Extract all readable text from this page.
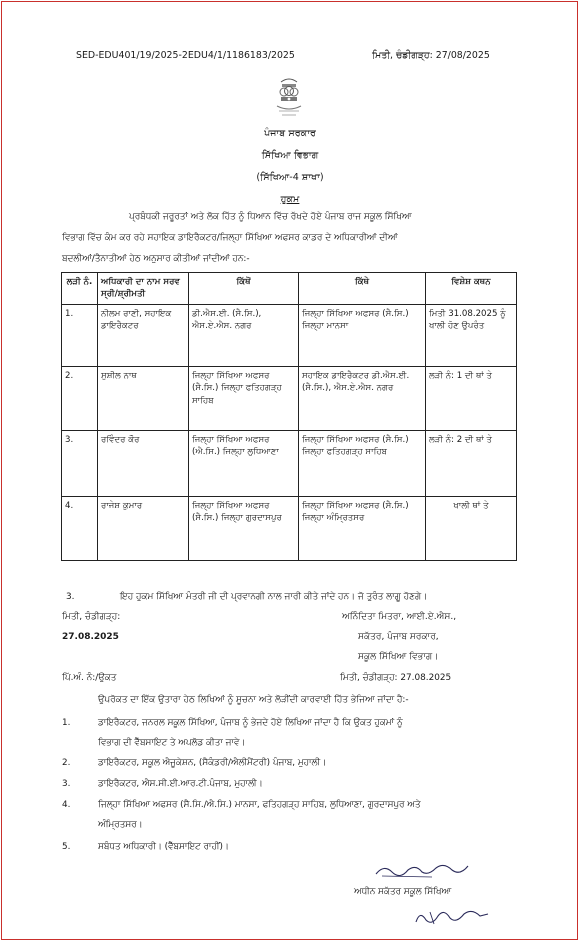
SED-EDU401/19/2025-2EDU4/1/1186183/2025	ਮਿਤੀ, ਚੰਡੀਗੜ੍ਹ: 27/08/2025
ਪੰਜਾਬ ਸਰਕਾਰ
ਸਿੱਖਿਆ ਵਿਭਾਗ
(ਸਿੱਖਿਆ-4 ਸ਼ਾਖਾ)
ਹੁਕਮ
ਪ੍ਰਬੰਧਕੀ ਜਰੂਰਤਾਂ ਅਤੇ ਲੋਕ ਹਿੱਤ ਨੂੰ ਧਿਆਨ ਵਿੱਚ ਰੱਖਦੇ ਹੋਏ ਪੰਜਾਬ ਰਾਜ ਸਕੂਲ ਸਿੱਖਿਆ
ਵਿਭਾਗ ਵਿੱਚ ਕੰਮ ਕਰ ਰਹੇ ਸਹਾਇਕ ਡਾਇਰੈਕਟਰ/ਜਿਲ੍ਹਾ ਸਿੱਖਿਆ ਅਫਸਰ ਕਾਡਰ ਦੇ ਅਧਿਕਾਰੀਆਂ ਦੀਆਂ
ਬਦਲੀਆਂ/ਤੈਨਾਤੀਆਂ ਹੇਠ ਅਨੁਸਾਰ ਕੀਤੀਆਂ ਜਾਂਦੀਆਂ ਹਨ:-
ਲੜੀ ਨੰ.	ਅਧਿਕਾਰੀ ਦਾ ਨਾਮ ਸਰਵ ਸ੍ਰੀ/ਸ਼੍ਰੀਮਤੀ	ਕਿੱਥੋਂ	ਕਿੱਥੇ	ਵਿਸ਼ੇਸ਼ ਕਥਨ
1.	ਨੀਲਮ ਰਾਣੀ, ਸਹਾਇਕ ਡਾਇਰੈਕਟਰ	ਡੀ.ਐਸ.ਈ. (ਸੈ.ਸਿ.), ਐਸ.ਏ.ਐਸ. ਨਗਰ	ਜਿਲ੍ਹਾ ਸਿੱਖਿਆ ਅਫਸਰ (ਸੈ.ਸਿ.) ਜਿਲ੍ਹਾ ਮਾਨਸਾ	ਮਿਤੀ 31.08.2025 ਨੂੰ ਖਾਲੀ ਹੋਣ ਉਪਰੰਤ
2.	ਸੁਸ਼ੀਲ ਨਾਥ	ਜਿਲ੍ਹਾ ਸਿੱਖਿਆ ਅਫਸਰ (ਸੈ.ਸਿ.) ਜਿਲ੍ਹਾ ਫਤਿਹਗੜ੍ਹ ਸਾਹਿਬ	ਸਹਾਇਕ ਡਾਇਰੈਕਟਰ ਡੀ.ਐਸ.ਈ. (ਸੈ.ਸਿ.), ਐਸ.ਏ.ਐਸ. ਨਗਰ	ਲੜੀ ਨੰ: 1 ਦੀ ਥਾਂ ਤੇ
3.	ਰਵਿੰਦਰ ਕੌਰ	ਜਿਲ੍ਹਾ ਸਿੱਖਿਆ ਅਫਸਰ (ਐ.ਸਿ.) ਜਿਲ੍ਹਾ ਲੁਧਿਆਣਾ	ਜਿਲ੍ਹਾ ਸਿੱਖਿਆ ਅਫਸਰ (ਸੈ.ਸਿ.) ਜਿਲ੍ਹਾ ਫਤਿਹਗੜ੍ਹ ਸਾਹਿਬ	ਲੜੀ ਨੰ: 2 ਦੀ ਥਾਂ ਤੇ
4.	ਰਾਜੇਸ਼ ਕੁਮਾਰ	ਜਿਲ੍ਹਾ ਸਿੱਖਿਆ ਅਫਸਰ (ਸੈ.ਸਿ.) ਜਿਲ੍ਹਾ ਗੁਰਦਾਸਪੁਰ	ਜਿਲ੍ਹਾ ਸਿੱਖਿਆ ਅਫਸਰ (ਸੈ.ਸਿ.) ਜਿਲ੍ਹਾ ਅੰਮ੍ਰਿਤਸਰ	ਖਾਲੀ ਥਾਂ ਤੇ
3.	ਇਹ ਹੁਕਮ ਸਿੱਖਿਆ ਮੰਤਰੀ ਜੀ ਦੀ ਪ੍ਰਵਾਨਗੀ ਨਾਲ ਜਾਰੀ ਕੀਤੇ ਜਾਂਦੇ ਹਨ। ਜੋ ਤੁਰੰਤ ਲਾਗੂ ਹੋਣਗੇ।
ਮਿਤੀ, ਚੰਡੀਗੜ੍ਹ:
27.08.2025
ਅਨਿੰਦਿਤਾ ਮਿਤਰਾ, ਆਈ.ਏ.ਐਸ.,
ਸਕੱਤਰ, ਪੰਜਾਬ ਸਰਕਾਰ,
ਸਕੂਲ ਸਿੱਖਿਆ ਵਿਭਾਗ।
ਪਿੱ.ਅੰ. ਨੰ:/ਉਕਤ	ਮਿਤੀ, ਚੰਡੀਗੜ੍ਹ: 27.08.2025
ਉਪਰੋਕਤ ਦਾ ਇੱਕ ਉਤਾਰਾ ਹੇਠ ਲਿਖਿਆਂ ਨੂੰ ਸੂਚਨਾ ਅਤੇ ਲੋੜੀਂਦੀ ਕਾਰਵਾਈ ਹਿੱਤ ਭੇਜਿਆ ਜਾਂਦਾ ਹੈ:-
1.	ਡਾਇਰੈਕਟਰ, ਜਨਰਲ ਸਕੂਲ ਸਿੱਖਿਆ, ਪੰਜਾਬ ਨੂੰ ਭੇਜਦੇ ਹੋਏ ਲਿਖਿਆ ਜਾਂਦਾ ਹੈ ਕਿ ਉਕਤ ਹੁਕਮਾਂ ਨੂੰ
ਵਿਭਾਗ ਦੀ ਵੈੱਬਸਾਇਟ ਤੇ ਅਪਲੋਡ ਕੀਤਾ ਜਾਵੇ।
2.	ਡਾਇਰੈਕਟਰ, ਸਕੂਲ ਐਜੂਕੇਸ਼ਨ, (ਸੈਕੰਡਰੀ/ਐਲੀਮੈਂਟਰੀ) ਪੰਜਾਬ, ਮੁਹਾਲੀ।
3.	ਡਾਇਰੈਕਟਰ, ਐਸ.ਸੀ.ਈ.ਆਰ.ਟੀ.ਪੰਜਾਬ, ਮੁਹਾਲੀ।
4.	ਜਿਲ੍ਹਾ ਸਿੱਖਿਆ ਅਫਸਰ (ਸੈ.ਸਿ./ਐ.ਸਿ.) ਮਾਨਸਾ, ਫਤਿਹਗੜ੍ਹ ਸਾਹਿਬ, ਲੁਧਿਆਣਾ, ਗੁਰਦਾਸਪੁਰ ਅਤੇ
ਅੰਮ੍ਰਿਤਸਰ।
5.	ਸਬੰਧਤ ਅਧਿਕਾਰੀ। (ਵੈੱਬਸਾਇਟ ਰਾਹੀਂ)।
ਅਧੀਨ ਸਕੱਤਰ ਸਕੂਲ ਸਿੱਖਿਆ
